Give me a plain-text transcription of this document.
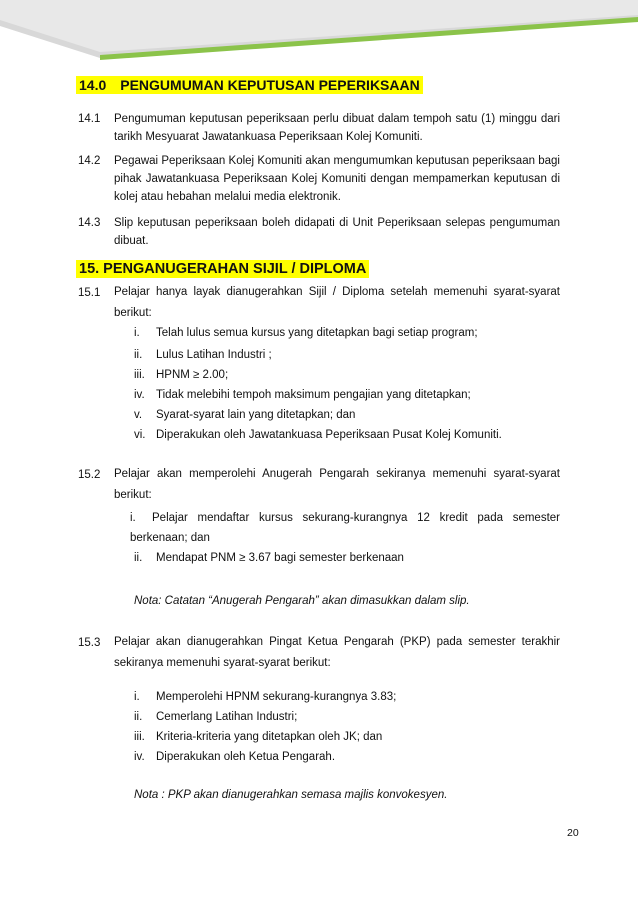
14.0 PENGUMUMAN KEPUTUSAN PEPERIKSAAN
14.1 Pengumuman keputusan peperiksaan perlu dibuat dalam tempoh satu (1) minggu dari tarikh Mesyuarat Jawatankuasa Peperiksaan Kolej Komuniti.

14.2 Pegawai Peperiksaan Kolej Komuniti akan mengumumkan keputusan peperiksaan bagi pihak Jawatankuasa Peperiksaan Kolej Komuniti dengan mempamerkan keputusan di kolej atau hebahan melalui media elektronik.

14.3 Slip keputusan peperiksaan boleh didapati di Unit Peperiksaan selepas pengumuman dibuat.

15. PENGANUGERAHAN SIJIL / DIPLOMA
15.1 Pelajar hanya layak dianugerahkan Sijil / Diploma setelah memenuhi syarat-syarat berikut:

i. Telah lulus semua kursus yang ditetapkan bagi setiap program;
ii. Lulus Latihan Industri ;
iii. HPNM ≥ 2.00;
iv. Tidak melebihi tempoh maksimum pengajian yang ditetapkan;
v. Syarat-syarat lain yang ditetapkan; dan
vi. Diperakukan oleh Jawatankuasa Peperiksaan Pusat Kolej Komuniti.
15.2 Pelajar akan memperolehi Anugerah Pengarah sekiranya memenuhi syarat-syarat berikut:

i. Pelajar mendaftar kursus sekurang-kurangnya 12 kredit pada semester berkenaan; dan
ii. Mendapat PNM ≥ 3.67 bagi semester berkenaan

Nota: Catatan “Anugerah Pengarah” akan dimasukkan dalam slip.

15.3 Pelajar akan dianugerahkan Pingat Ketua Pengarah (PKP) pada semester terakhir sekiranya memenuhi syarat-syarat berikut:

i. Memperolehi HPNM sekurang-kurangnya 3.83;
ii. Cemerlang Latihan Industri;
iii. Kriteria-kriteria yang ditetapkan oleh JK; dan
iv. Diperakukan oleh Ketua Pengarah.

Nota : PKP akan dianugerahkan semasa majlis konvokesyen.

20
